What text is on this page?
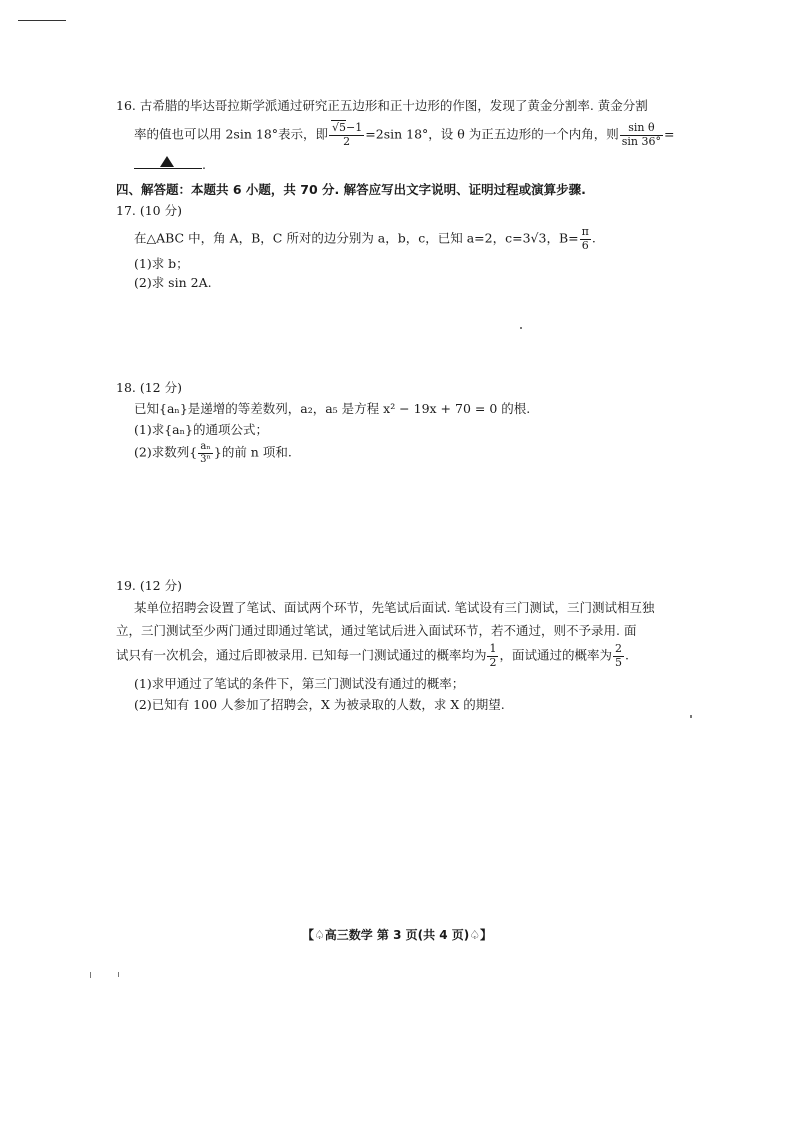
16. 古希腊的毕达哥拉斯学派通过研究正五边形和正十边形的作图，发现了黄金分割率. 黄金分割
率的值也可以用 2sin 18°表示，即 $\frac{√5-1}{2} =2\sin$ 18°，设 θ 为正五边形的一个内角，则 $\frac{\text{sin θ}}{\sin 36^\circ}$ =
.
四、解答题：本题共 6 小题，共 70 分. 解答应写出文字说明、证明过程或演算步骤.
17. (10 分)
在△ABC 中，角 A，B，C 所对的边分别为 a，b，c，已知 a=2，c=3√3，$B= \frac{\pi}{6}$ .
(1)求 b；
(2)求 sin 2A.
18. (12 分)
已知{aₙ}是递增的等差数列，a₂，a₅ 是方程 x² − 19x + 70 = 0 的根.
(1)求{aₙ}的通项公式；
(2)求数列{ $\frac{\text{aₙ}}{\text{3ⁿ}}$ }的前 n 项和.
19. (12 分)
某单位招聘会设置了笔试、面试两个环节，先笔试后面试. 笔试设有三门测试，三门测试相互独
立，三门测试至少两门通过即通过笔试，通过笔试后进入面试环节，若不通过，则不予录用. 面
试只有一次机会，通过后即被录用. 已知每一门测试通过的概率均为 $\frac{1}{2}$ ，面试通过的概率为 $\frac{2}{5}$ .
(1)求甲通过了笔试的条件下，第三门测试没有通过的概率；
(2)已知有 100 人参加了招聘会，X 为被录取的人数，求 X 的期望.
【♤高三数学 第 3 页(共 4 页)♤】
